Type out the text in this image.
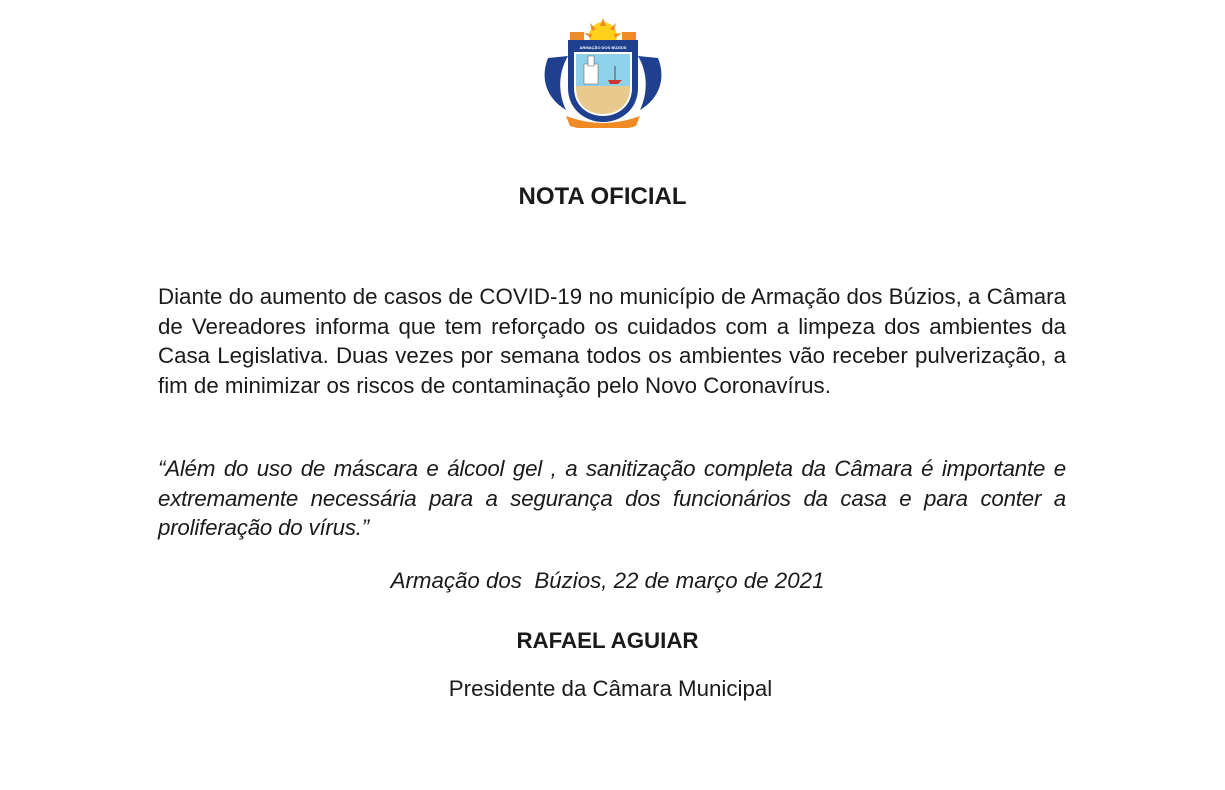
ARMAÇÃO DOS BÚZIOS
NOTA OFICIAL

Diante do aumento de casos de COVID-19 no município de Armação dos Búzios, a Câmara de Vereadores informa que tem reforçado os cuidados com a limpeza dos ambientes da Casa Legislativa. Duas vezes por semana todos os ambientes vão receber pulverização, a fim de minimizar os riscos de contaminação pelo Novo Coronavírus.

“Além do uso de máscara e álcool gel , a sanitização completa da Câmara é importante e extremamente necessária para a segurança dos funcionários da casa e para conter a proliferação do vírus.”

Armação dos  Búzios, 22 de março de 2021
RAFAEL AGUIAR
Presidente da Câmara Municipal
